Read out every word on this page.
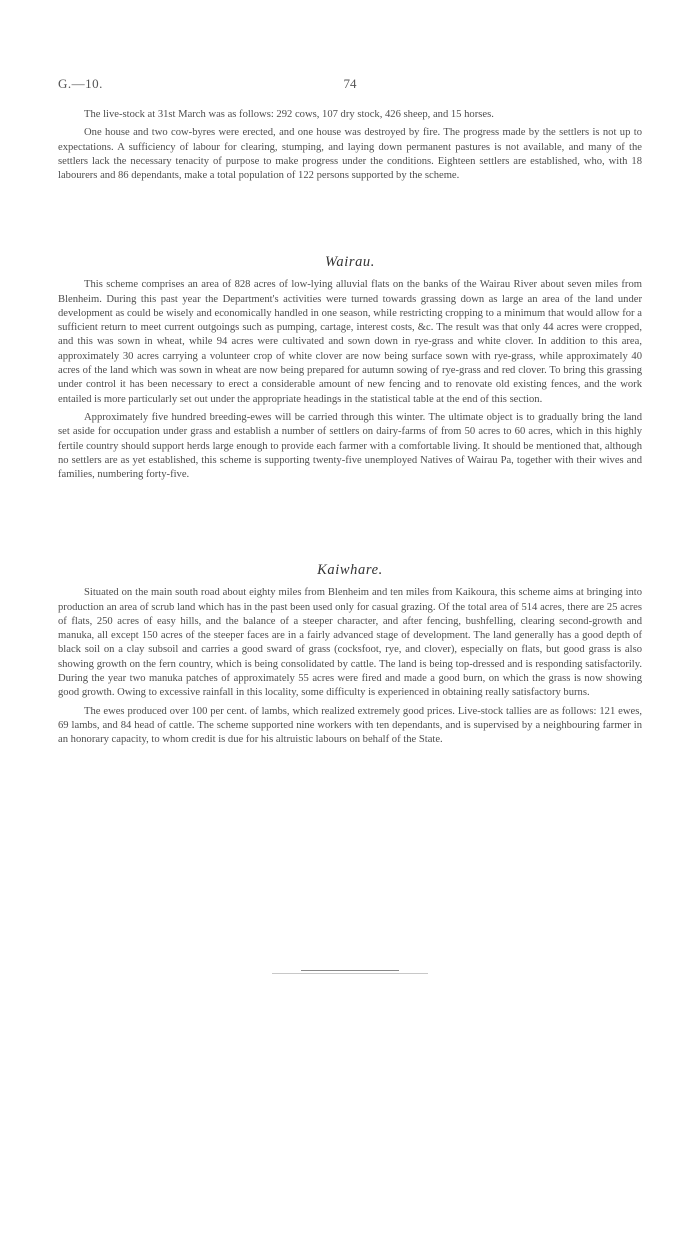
G.—10.	74

The live-stock at 31st March was as follows: 292 cows, 107 dry stock, 426 sheep, and 15 horses.

One house and two cow-byres were erected, and one house was destroyed by fire. The progress made by the settlers is not up to expectations. A sufficiency of labour for clearing, stumping, and laying down permanent pastures is not available, and many of the settlers lack the necessary tenacity of purpose to make progress under the conditions. Eighteen settlers are established, who, with 18 labourers and 86 dependants, make a total population of 122 persons supported by the scheme.

Wairau.

This scheme comprises an area of 828 acres of low-lying alluvial flats on the banks of the Wairau River about seven miles from Blenheim. During this past year the Department's activities were turned towards grassing down as large an area of the land under development as could be wisely and economically handled in one season, while restricting cropping to a minimum that would allow for a sufficient return to meet current outgoings such as pumping, cartage, interest costs, &c. The result was that only 44 acres were cropped, and this was sown in wheat, while 94 acres were cultivated and sown down in rye-grass and white clover. In addition to this area, approximately 30 acres carrying a volunteer crop of white clover are now being surface sown with rye-grass, while approximately 40 acres of the land which was sown in wheat are now being prepared for autumn sowing of rye-grass and red clover. To bring this grassing under control it has been necessary to erect a considerable amount of new fencing and to renovate old existing fences, and the work entailed is more particularly set out under the appropriate headings in the statistical table at the end of this section.

Approximately five hundred breeding-ewes will be carried through this winter. The ultimate object is to gradually bring the land set aside for occupation under grass and establish a number of settlers on dairy-farms of from 50 acres to 60 acres, which in this highly fertile country should support herds large enough to provide each farmer with a comfortable living. It should be mentioned that, although no settlers are as yet established, this scheme is supporting twenty-five unemployed Natives of Wairau Pa, together with their wives and families, numbering forty-five.

Kaiwhare.

Situated on the main south road about eighty miles from Blenheim and ten miles from Kaikoura, this scheme aims at bringing into production an area of scrub land which has in the past been used only for casual grazing. Of the total area of 514 acres, there are 25 acres of flats, 250 acres of easy hills, and the balance of a steeper character, and after fencing, bushfelling, clearing second-growth and manuka, all except 150 acres of the steeper faces are in a fairly advanced stage of development. The land generally has a good depth of black soil on a clay subsoil and carries a good sward of grass (cocksfoot, rye, and clover), especially on flats, but good grass is also showing growth on the fern country, which is being consolidated by cattle. The land is being top-dressed and is responding satisfactorily. During the year two manuka patches of approximately 55 acres were fired and made a good burn, on which the grass is now showing good growth. Owing to excessive rainfall in this locality, some difficulty is experienced in obtaining really satisfactory burns.

The ewes produced over 100 per cent. of lambs, which realized extremely good prices. Live-stock tallies are as follows: 121 ewes, 69 lambs, and 84 head of cattle. The scheme supported nine workers with ten dependants, and is supervised by a neighbouring farmer in an honorary capacity, to whom credit is due for his altruistic labours on behalf of the State.
